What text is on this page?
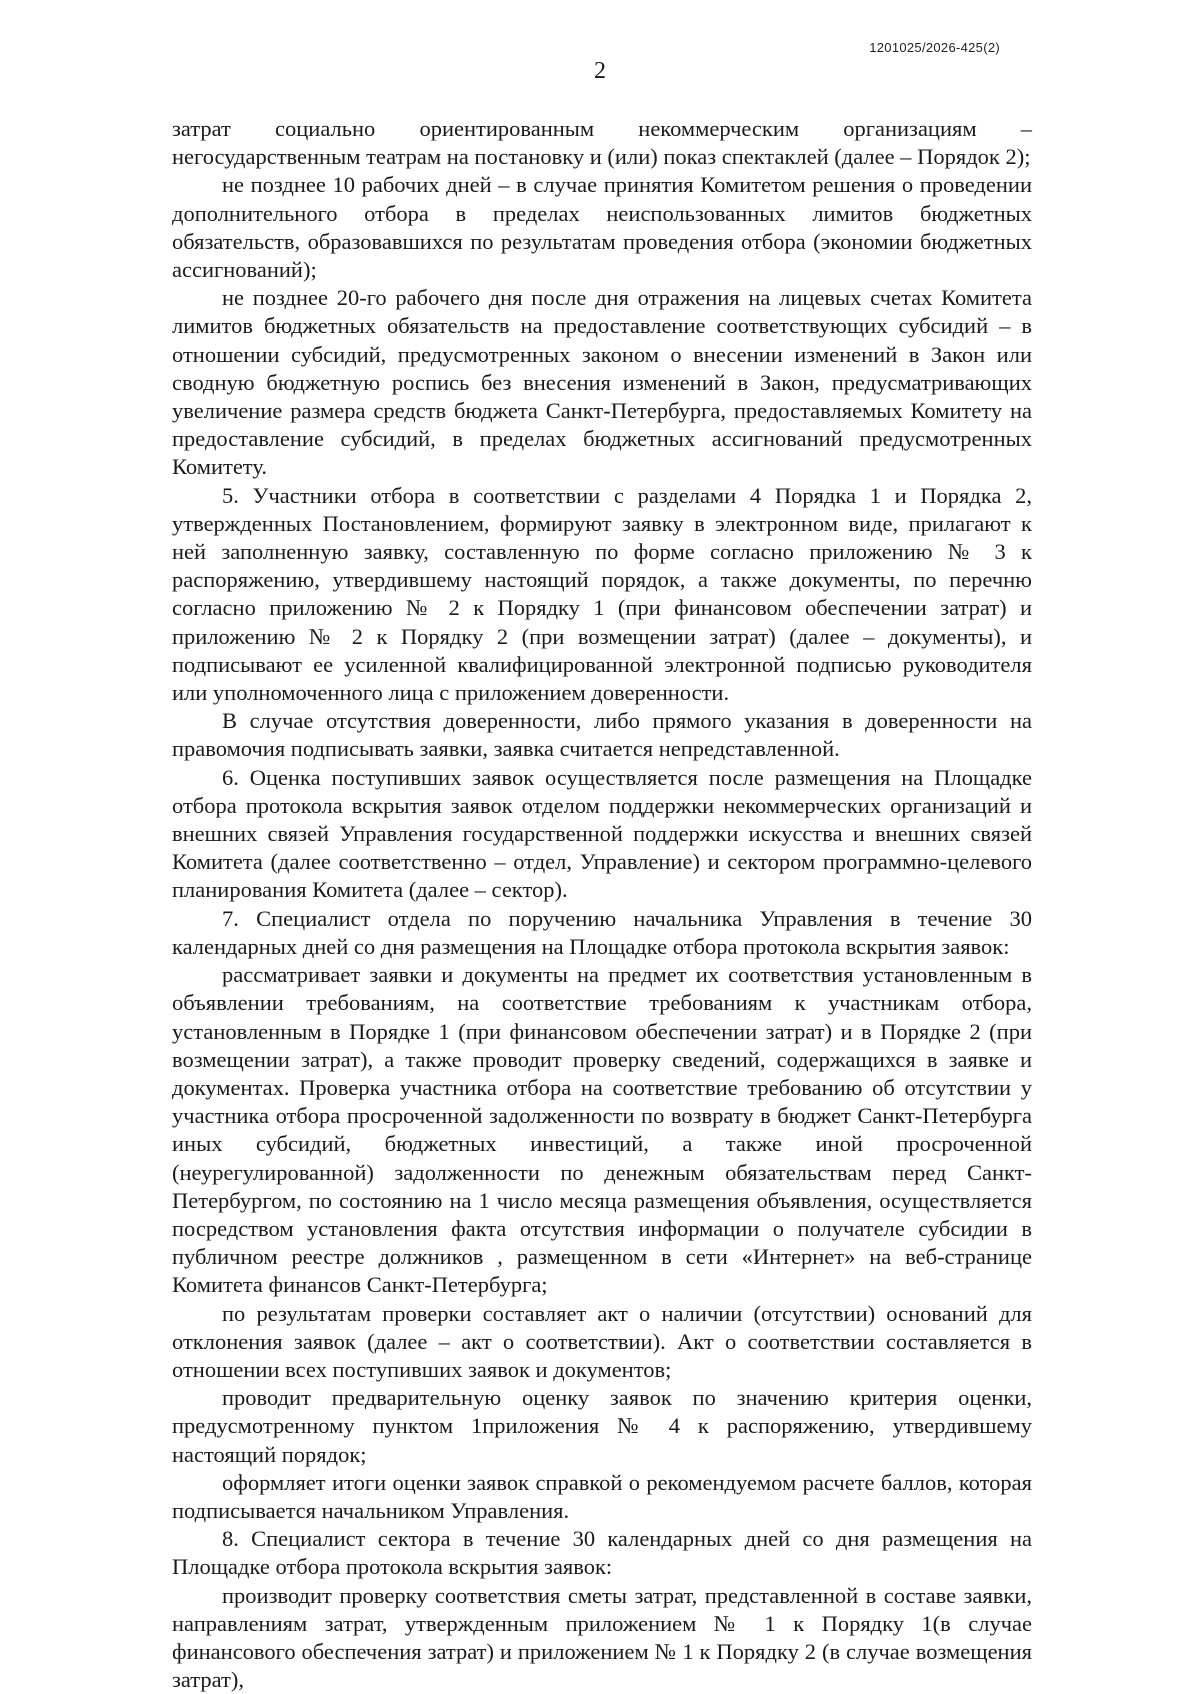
1201025/2026-425(2)
2

затрат социально ориентированным некоммерческим организациям – негосударственным театрам на постановку и (или) показ спектаклей (далее – Порядок 2);

не позднее 10 рабочих дней – в случае принятия Комитетом решения о проведении дополнительного отбора в пределах неиспользованных лимитов бюджетных обязательств, образовавшихся по результатам проведения отбора (экономии бюджетных ассигнований);

не позднее 20-го рабочего дня после дня отражения на лицевых счетах Комитета лимитов бюджетных обязательств на предоставление соответствующих субсидий – в отношении субсидий, предусмотренных законом о внесении изменений в Закон или сводную бюджетную роспись без внесения изменений в Закон, предусматривающих увеличение размера средств бюджета Санкт-Петербурга, предоставляемых Комитету на предоставление субсидий, в пределах бюджетных ассигнований предусмотренных Комитету.

5. Участники отбора в соответствии с разделами 4 Порядка 1 и Порядка 2, утвержденных Постановлением, формируют заявку в электронном виде, прилагают к ней заполненную заявку, составленную по форме согласно приложению № 3 к распоряжению, утвердившему настоящий порядок, а также документы, по перечню согласно приложению № 2 к Порядку 1 (при финансовом обеспечении затрат) и приложению № 2 к Порядку 2 (при возмещении затрат) (далее – документы), и подписывают ее усиленной квалифицированной электронной подписью руководителя или уполномоченного лица с приложением доверенности.

В случае отсутствия доверенности, либо прямого указания в доверенности на правомочия подписывать заявки, заявка считается непредставленной.

6. Оценка поступивших заявок осуществляется после размещения на Площадке отбора протокола вскрытия заявок отделом поддержки некоммерческих организаций и внешних связей Управления государственной поддержки искусства и внешних связей Комитета (далее соответственно – отдел, Управление) и сектором программно-целевого планирования Комитета (далее – сектор).

7. Специалист отдела по поручению начальника Управления в течение 30 календарных дней со дня размещения на Площадке отбора протокола вскрытия заявок:

рассматривает заявки и документы на предмет их соответствия установленным в объявлении требованиям, на соответствие требованиям к участникам отбора, установленным в Порядке 1 (при финансовом обеспечении затрат) и в Порядке 2 (при возмещении затрат), а также проводит проверку сведений, содержащихся в заявке и документах. Проверка участника отбора на соответствие требованию об отсутствии у участника отбора просроченной задолженности по возврату в бюджет Санкт-Петербурга иных субсидий, бюджетных инвестиций, а также иной просроченной (неурегулированной) задолженности по денежным обязательствам перед Санкт-Петербургом, по состоянию на 1 число месяца размещения объявления, осуществляется посредством установления факта отсутствия информации о получателе субсидии в публичном реестре должников , размещенном в сети «Интернет» на веб-странице Комитета финансов Санкт-Петербурга;

по результатам проверки составляет акт о наличии (отсутствии) оснований для отклонения заявок (далее – акт о соответствии). Акт о соответствии составляется в отношении всех поступивших заявок и документов;

проводит предварительную оценку заявок по значению критерия оценки, предусмотренному пунктом 1приложения № 4 к распоряжению, утвердившему настоящий порядок;

оформляет итоги оценки заявок справкой о рекомендуемом расчете баллов, которая подписывается начальником Управления.

8. Специалист сектора в течение 30 календарных дней со дня размещения на Площадке отбора протокола вскрытия заявок:

производит проверку соответствия сметы затрат, представленной в составе заявки, направлениям затрат, утвержденным приложением № 1 к Порядку 1(в случае финансового обеспечения затрат) и приложением № 1 к Порядку 2 (в случае возмещения затрат),
